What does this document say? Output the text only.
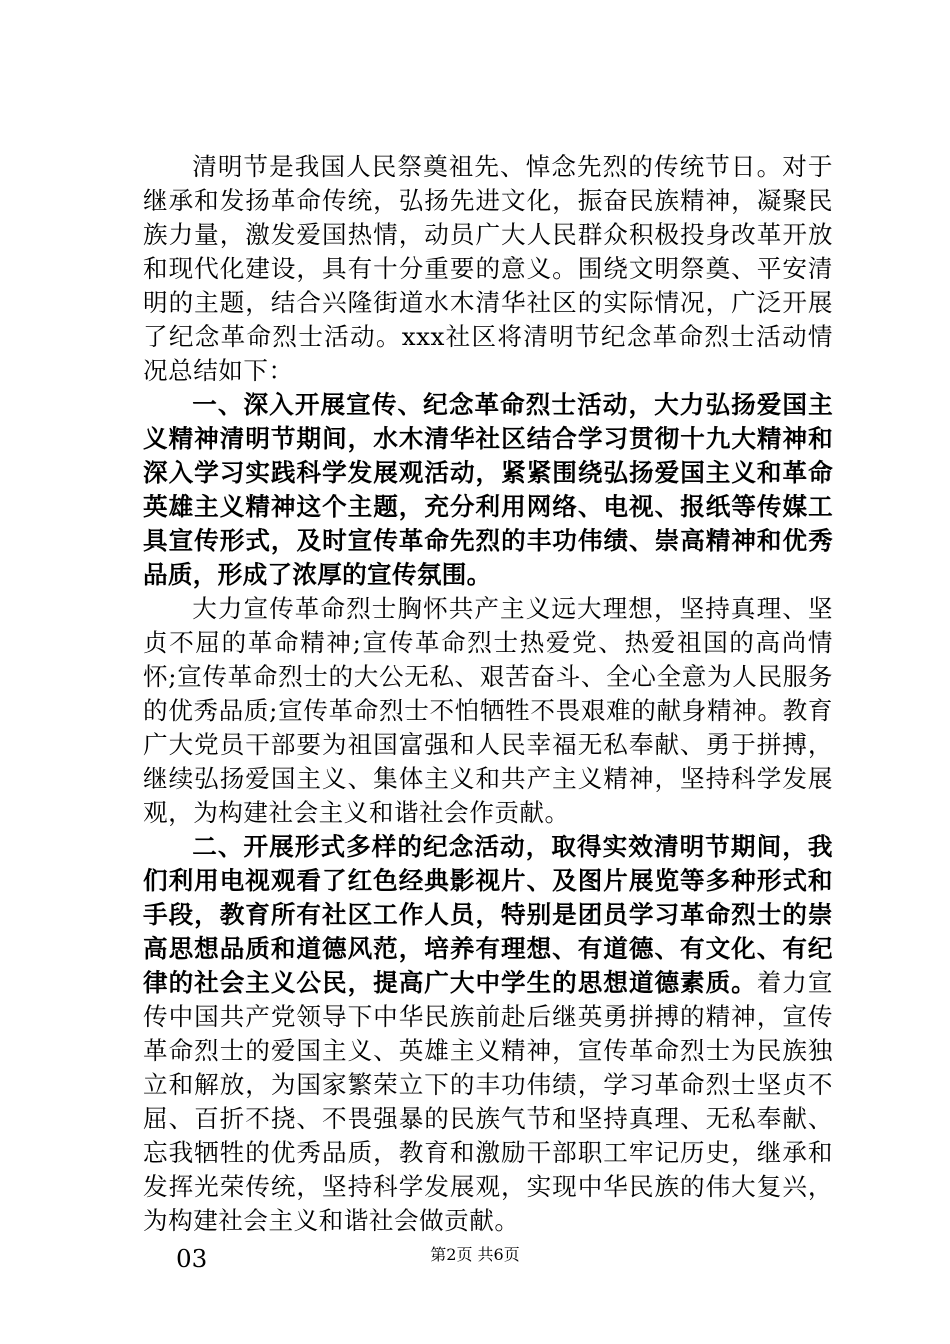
清明节是我国人民祭奠祖先、悼念先烈的传统节日。对于继承和发扬革命传统，弘扬先进文化，振奋民族精神，凝聚民族力量，激发爱国热情，动员广大人民群众积极投身改革开放和现代化建设，具有十分重要的意义。围绕文明祭奠、平安清明的主题，结合兴隆街道水木清华社区的实际情况，广泛开展了纪念革命烈士活动。xxx社区将清明节纪念革命烈士活动情况总结如下：

一、深入开展宣传、纪念革命烈士活动，大力弘扬爱国主义精神清明节期间，水木清华社区结合学习贯彻十九大精神和深入学习实践科学发展观活动，紧紧围绕弘扬爱国主义和革命英雄主义精神这个主题，充分利用网络、电视、报纸等传媒工具宣传形式，及时宣传革命先烈的丰功伟绩、崇高精神和优秀品质，形成了浓厚的宣传氛围。

大力宣传革命烈士胸怀共产主义远大理想，坚持真理、坚贞不屈的革命精神;宣传革命烈士热爱党、热爱祖国的高尚情怀;宣传革命烈士的大公无私、艰苦奋斗、全心全意为人民服务的优秀品质;宣传革命烈士不怕牺牲不畏艰难的献身精神。教育广大党员干部要为祖国富强和人民幸福无私奉献、勇于拼搏，继续弘扬爱国主义、集体主义和共产主义精神，坚持科学发展观，为构建社会主义和谐社会作贡献。

二、开展形式多样的纪念活动，取得实效清明节期间，我们利用电视观看了红色经典影视片、及图片展览等多种形式和手段，教育所有社区工作人员，特别是团员学习革命烈士的崇高思想品质和道德风范，培养有理想、有道德、有文化、有纪律的社会主义公民，提高广大中学生的思想道德素质。着力宣传中国共产党领导下中华民族前赴后继英勇拼搏的精神，宣传革命烈士的爱国主义、英雄主义精神，宣传革命烈士为民族独立和解放，为国家繁荣立下的丰功伟绩，学习革命烈士坚贞不屈、百折不挠、不畏强暴的民族气节和坚持真理、无私奉献、忘我牺牲的优秀品质，教育和激励干部职工牢记历史，继承和发挥光荣传统，坚持科学发展观，实现中华民族的伟大复兴，为构建社会主义和谐社会做贡献。

03	第2页 共6页
